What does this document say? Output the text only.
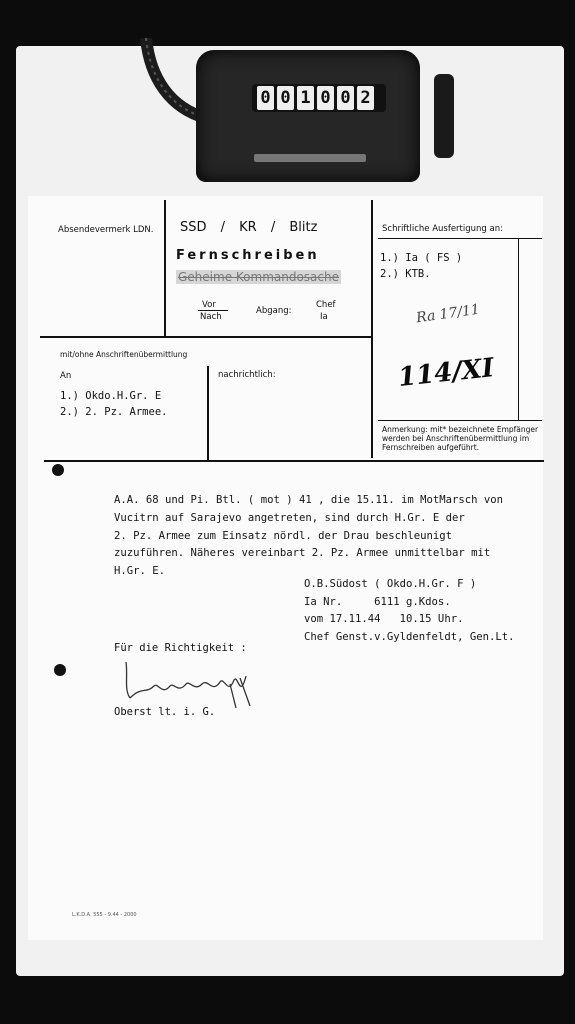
0 0 1 0 0 2
Absendevermerk LDN. SSD / KR / Blitz
Fernschreiben
Geheime Kommandosache
Vor
Nach
Abgang:
Chef
Ia
Schriftliche Ausfertigung an:
1.) Ia ( FS )
2.) KTB.
Ra 17/11
114/XI
Anmerkung: mit* bezeichnete Empfänger werden bei Anschriftenübermittlung im Fernschreiben aufgeführt.
mit/ohne Anschriftenübermittlung
An
1.) Okdo.H.Gr. E
2.) 2. Pz. Armee.
nachrichtlich:
A.A. 68 und Pi. Btl. ( mot ) 41 , die 15.11. im MotMarsch von
Vucitrn auf Sarajevo angetreten, sind durch H.Gr. E der
2. Pz. Armee zum Einsatz nördl. der Drau beschleunigt
zuzuführen. Näheres vereinbart 2. Pz. Armee unmittelbar mit
H.Gr. E.
O.B.Südost ( Okdo.H.Gr. F )
Ia Nr.     6111 g.Kdos.
vom 17.11.44   10.15 Uhr.
Chef Genst.v.Gyldenfeldt, Gen.Lt.
Für die Richtigkeit :
Oberst lt. i. G.
L.K.D.A. 555 - 9.44 - 2000
